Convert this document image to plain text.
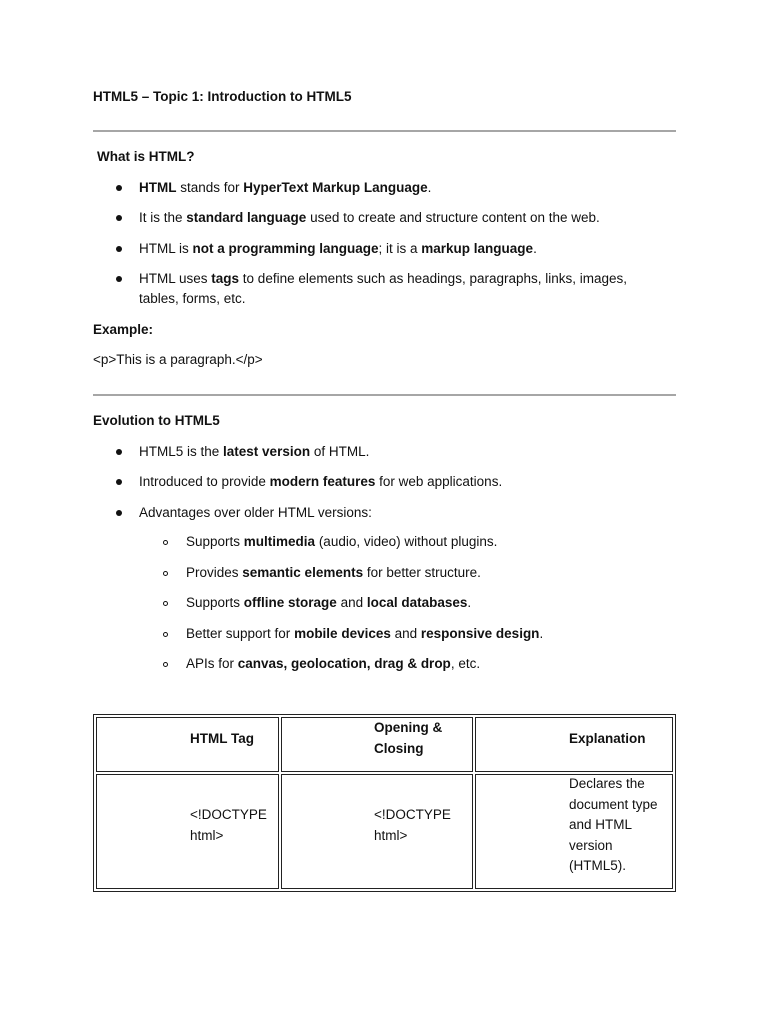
HTML5 – Topic 1: Introduction to HTML5
What is HTML?
HTML stands for HyperText Markup Language.
It is the standard language used to create and structure content on the web.
HTML is not a programming language; it is a markup language.
HTML uses tags to define elements such as headings, paragraphs, links, images,
tables, forms, etc.
Example:
<p>This is a paragraph.</p>
Evolution to HTML5
HTML5 is the latest version of HTML.
Introduced to provide modern features for web applications.
Advantages over older HTML versions:
Supports multimedia (audio, video) without plugins.
Provides semantic elements for better structure.
Supports offline storage and local databases.
Better support for mobile devices and responsive design.
APIs for canvas, geolocation, drag & drop, etc.
HTML Tag
Opening &
Closing
Explanation
<!DOCTYPE
html>
<!DOCTYPE
html>
Declares the
document type
and HTML
version
(HTML5).
